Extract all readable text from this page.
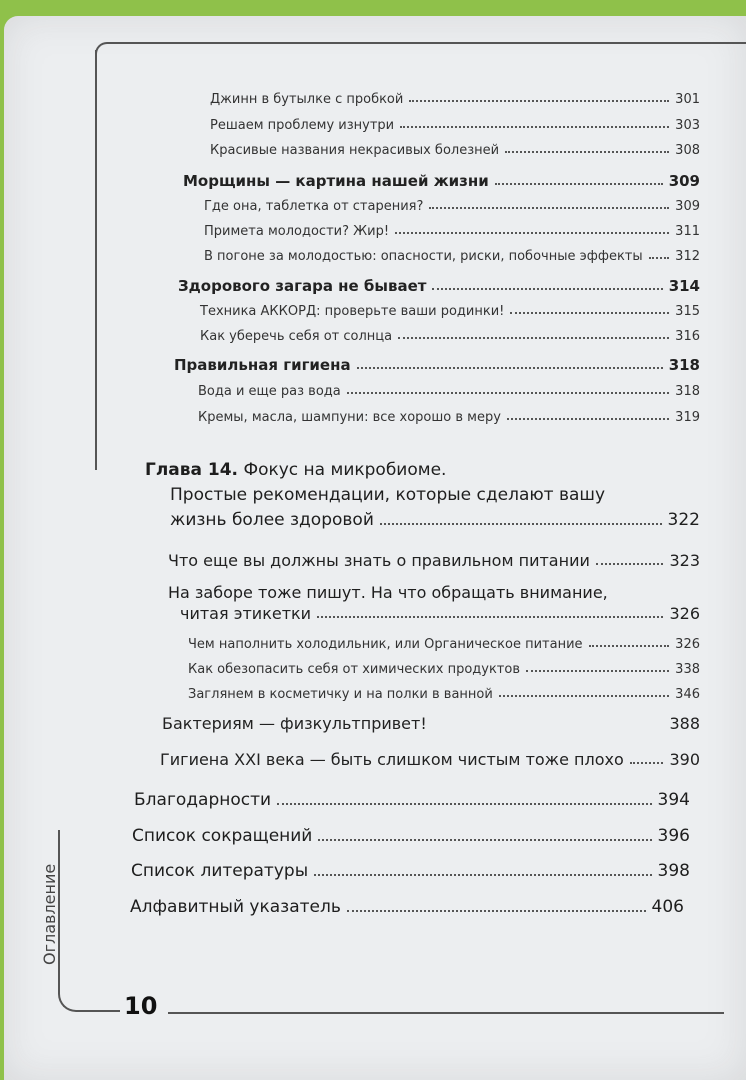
Джинн в бутылке с пробкой	301
Решаем проблему изнутри	303
Красивые названия некрасивых болезней	308
Морщины — картина нашей жизни	309
Где она, таблетка от старения?	309
Примета молодости? Жир!	311
В погоне за молодостью: опасности, риски, побочные эффекты	312
Здорового загара не бывает	314
Техника АККОРД: проверьте ваши родинки!	315
Как уберечь себя от солнца	316
Правильная гигиена	318
Вода и еще раз вода	318
Кремы, масла, шампуни: все хорошо в меру	319
Глава 14. Фокус на микробиоме.
Простые рекомендации, которые сделают вашу
жизнь более здоровой	322
Что еще вы должны знать о правильном питании	323
На заборе тоже пишут. На что обращать внимание,
читая этикетки	326
Чем наполнить холодильник, или Органическое питание	326
Как обезопасить себя от химических продуктов	338
Заглянем в косметичку и на полки в ванной	346
Бактериям — физкультпривет!	388
Гигиена XXI века — быть слишком чистым тоже плохо	390
Благодарности	394
Список сокращений	396
Список литературы	398
Алфавитный указатель	406
Оглавление
10
